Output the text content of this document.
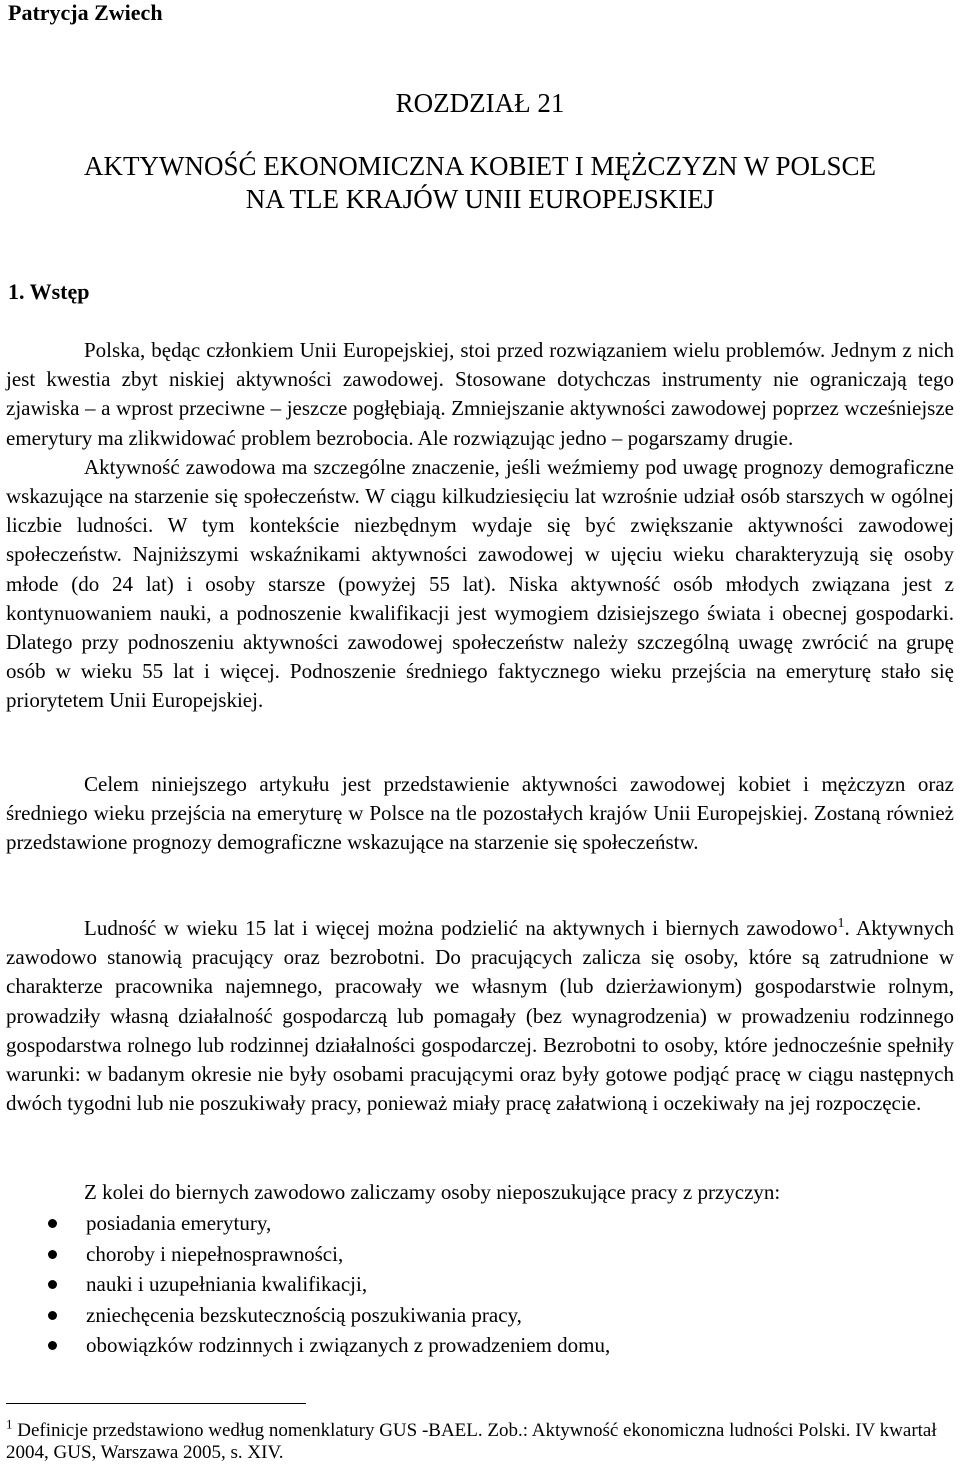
Patrycja Zwiech
ROZDZIAŁ 21
AKTYWNOŚĆ EKONOMICZNA KOBIET I MĘŻCZYZN W POLSCE
NA TLE KRAJÓW UNII EUROPEJSKIEJ
1. Wstęp

Polska, będąc członkiem Unii Europejskiej, stoi przed rozwiązaniem wielu problemów. Jednym z nich jest kwestia zbyt niskiej aktywności zawodowej. Stosowane dotychczas instrumenty nie ograniczają tego zjawiska – a wprost przeciwne – jeszcze pogłębiają. Zmniejszanie aktywności zawodowej poprzez wcześniejsze emerytury ma zlikwidować problem bezrobocia. Ale rozwiązując jedno – pogarszamy drugie.

Aktywność zawodowa ma szczególne znaczenie, jeśli weźmiemy pod uwagę prognozy demograficzne wskazujące na starzenie się społeczeństw. W ciągu kilkudziesięciu lat wzrośnie udział osób starszych w ogólnej liczbie ludności. W tym kontekście niezbędnym wydaje się być zwiększanie aktywności zawodowej społeczeństw. Najniższymi wskaźnikami aktywności zawodowej w ujęciu wieku charakteryzują się osoby młode (do 24 lat) i osoby starsze (powyżej 55 lat). Niska aktywność osób młodych związana jest z kontynuowaniem nauki, a podnoszenie kwalifikacji jest wymogiem dzisiejszego świata i obecnej gospodarki. Dlatego przy podnoszeniu aktywności zawodowej społeczeństw należy szczególną uwagę zwrócić na grupę osób w wieku 55 lat i więcej. Podnoszenie średniego faktycznego wieku przejścia na emeryturę stało się priorytetem Unii Europejskiej.

Celem niniejszego artykułu jest przedstawienie aktywności zawodowej kobiet i mężczyzn oraz średniego wieku przejścia na emeryturę w Polsce na tle pozostałych krajów Unii Europejskiej. Zostaną również przedstawione prognozy demograficzne wskazujące na starzenie się społeczeństw.

Ludność w wieku 15 lat i więcej można podzielić na aktywnych i biernych zawodowo$^1$. Aktywnych zawodowo stanowią pracujący oraz bezrobotni. Do pracujących zalicza się osoby, które są zatrudnione w charakterze pracownika najemnego, pracowały we własnym (lub dzierżawionym) gospodarstwie rolnym, prowadziły własną działalność gospodarczą lub pomagały (bez wynagrodzenia) w prowadzeniu rodzinnego gospodarstwa rolnego lub rodzinnej działalności gospodarczej. Bezrobotni to osoby, które jednocześnie spełniły warunki: w badanym okresie nie były osobami pracującymi oraz były gotowe podjąć pracę w ciągu następnych dwóch tygodni lub nie poszukiwały pracy, ponieważ miały pracę załatwioną i oczekiwały na jej rozpoczęcie.

Z kolei do biernych zawodowo zaliczamy osoby nieposzukujące pracy z przyczyn:
posiadania emerytury,
choroby i niepełnosprawności,
nauki i uzupełniania kwalifikacji,
zniechęcenia bezskutecznością poszukiwania pracy,
obowiązków rodzinnych i związanych z prowadzeniem domu,
$^1$ Definicje przedstawiono według nomenklatury GUS -BAEL. Zob.: Aktywność ekonomiczna ludności Polski. IV kwartał 2004, GUS, Warszawa 2005, s. XIV.
